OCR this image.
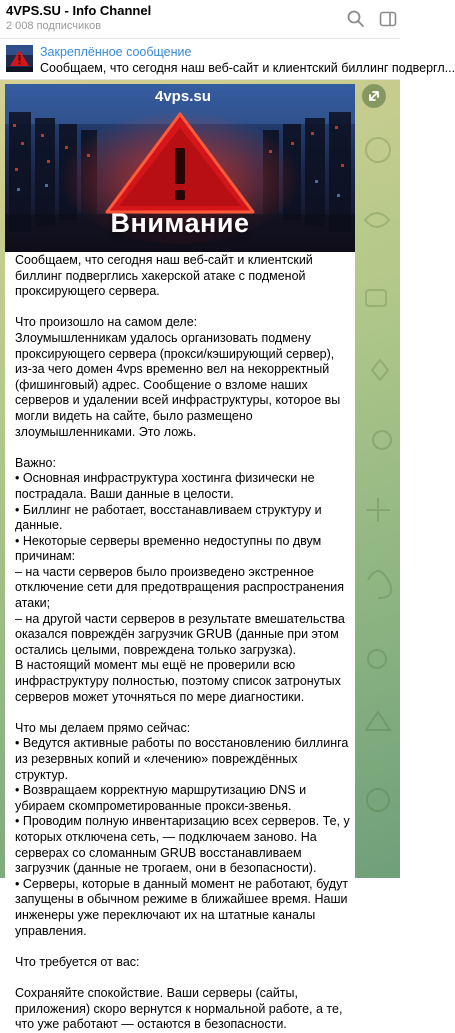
4VPS.SU - Info Channel
2 008 подписчиков
Закреплённое сообщение
Сообщаем, что сегодня наш веб-сайт и клиентский биллинг подвергл...
4vps.su
Внимание
Сообщаем, что сегодня наш веб-сайт и клиентский биллинг подверглись хакерской атаке с подменой проксирующего сервера.

Что произошло на самом деле:
Злоумышленникам удалось организовать подмену проксирующего сервера (прокси/кэширующий сервер), из-за чего домен 4vps временно вел на некорректный (фишинговый) адрес. Сообщение о взломе наших серверов и удалении всей инфраструктуры, которое вы могли видеть на сайте, было размещено злоумышленниками. Это ложь.

Важно:
• Основная инфраструктура хостинга физически не пострадала. Ваши данные в целости.
• Биллинг не работает, восстанавливаем структуру и данные.
• Некоторые серверы временно недоступны по двум причинам:
– на части серверов было произведено экстренное отключение сети для предотвращения распространения атаки;
– на другой части серверов в результате вмешательства оказался повреждён загрузчик GRUB (данные при этом остались целыми, повреждена только загрузка).
В настоящий момент мы ещё не проверили всю инфраструктуру полностью, поэтому список затронутых серверов может уточняться по мере диагностики.

Что мы делаем прямо сейчас:
• Ведутся активные работы по восстановлению биллинга из резервных копий и «лечению» повреждённых структур.
• Возвращаем корректную маршрутизацию DNS и убираем скомпрометированные прокси-звенья.
• Проводим полную инвентаризацию всех серверов. Те, у которых отключена сеть, — подключаем заново. На серверах со сломанным GRUB восстанавливаем загрузчик (данные не трогаем, они в безопасности).
• Серверы, которые в данный момент не работают, будут запущены в обычном режиме в ближайшее время. Наши инженеры уже переключают их на штатные каналы управления.

Что требуется от вас:

Сохраняйте спокойствие. Ваши серверы (сайты, приложения) скоро вернутся к нормальной работе, а те, что уже работают — остаются в безопасности.
